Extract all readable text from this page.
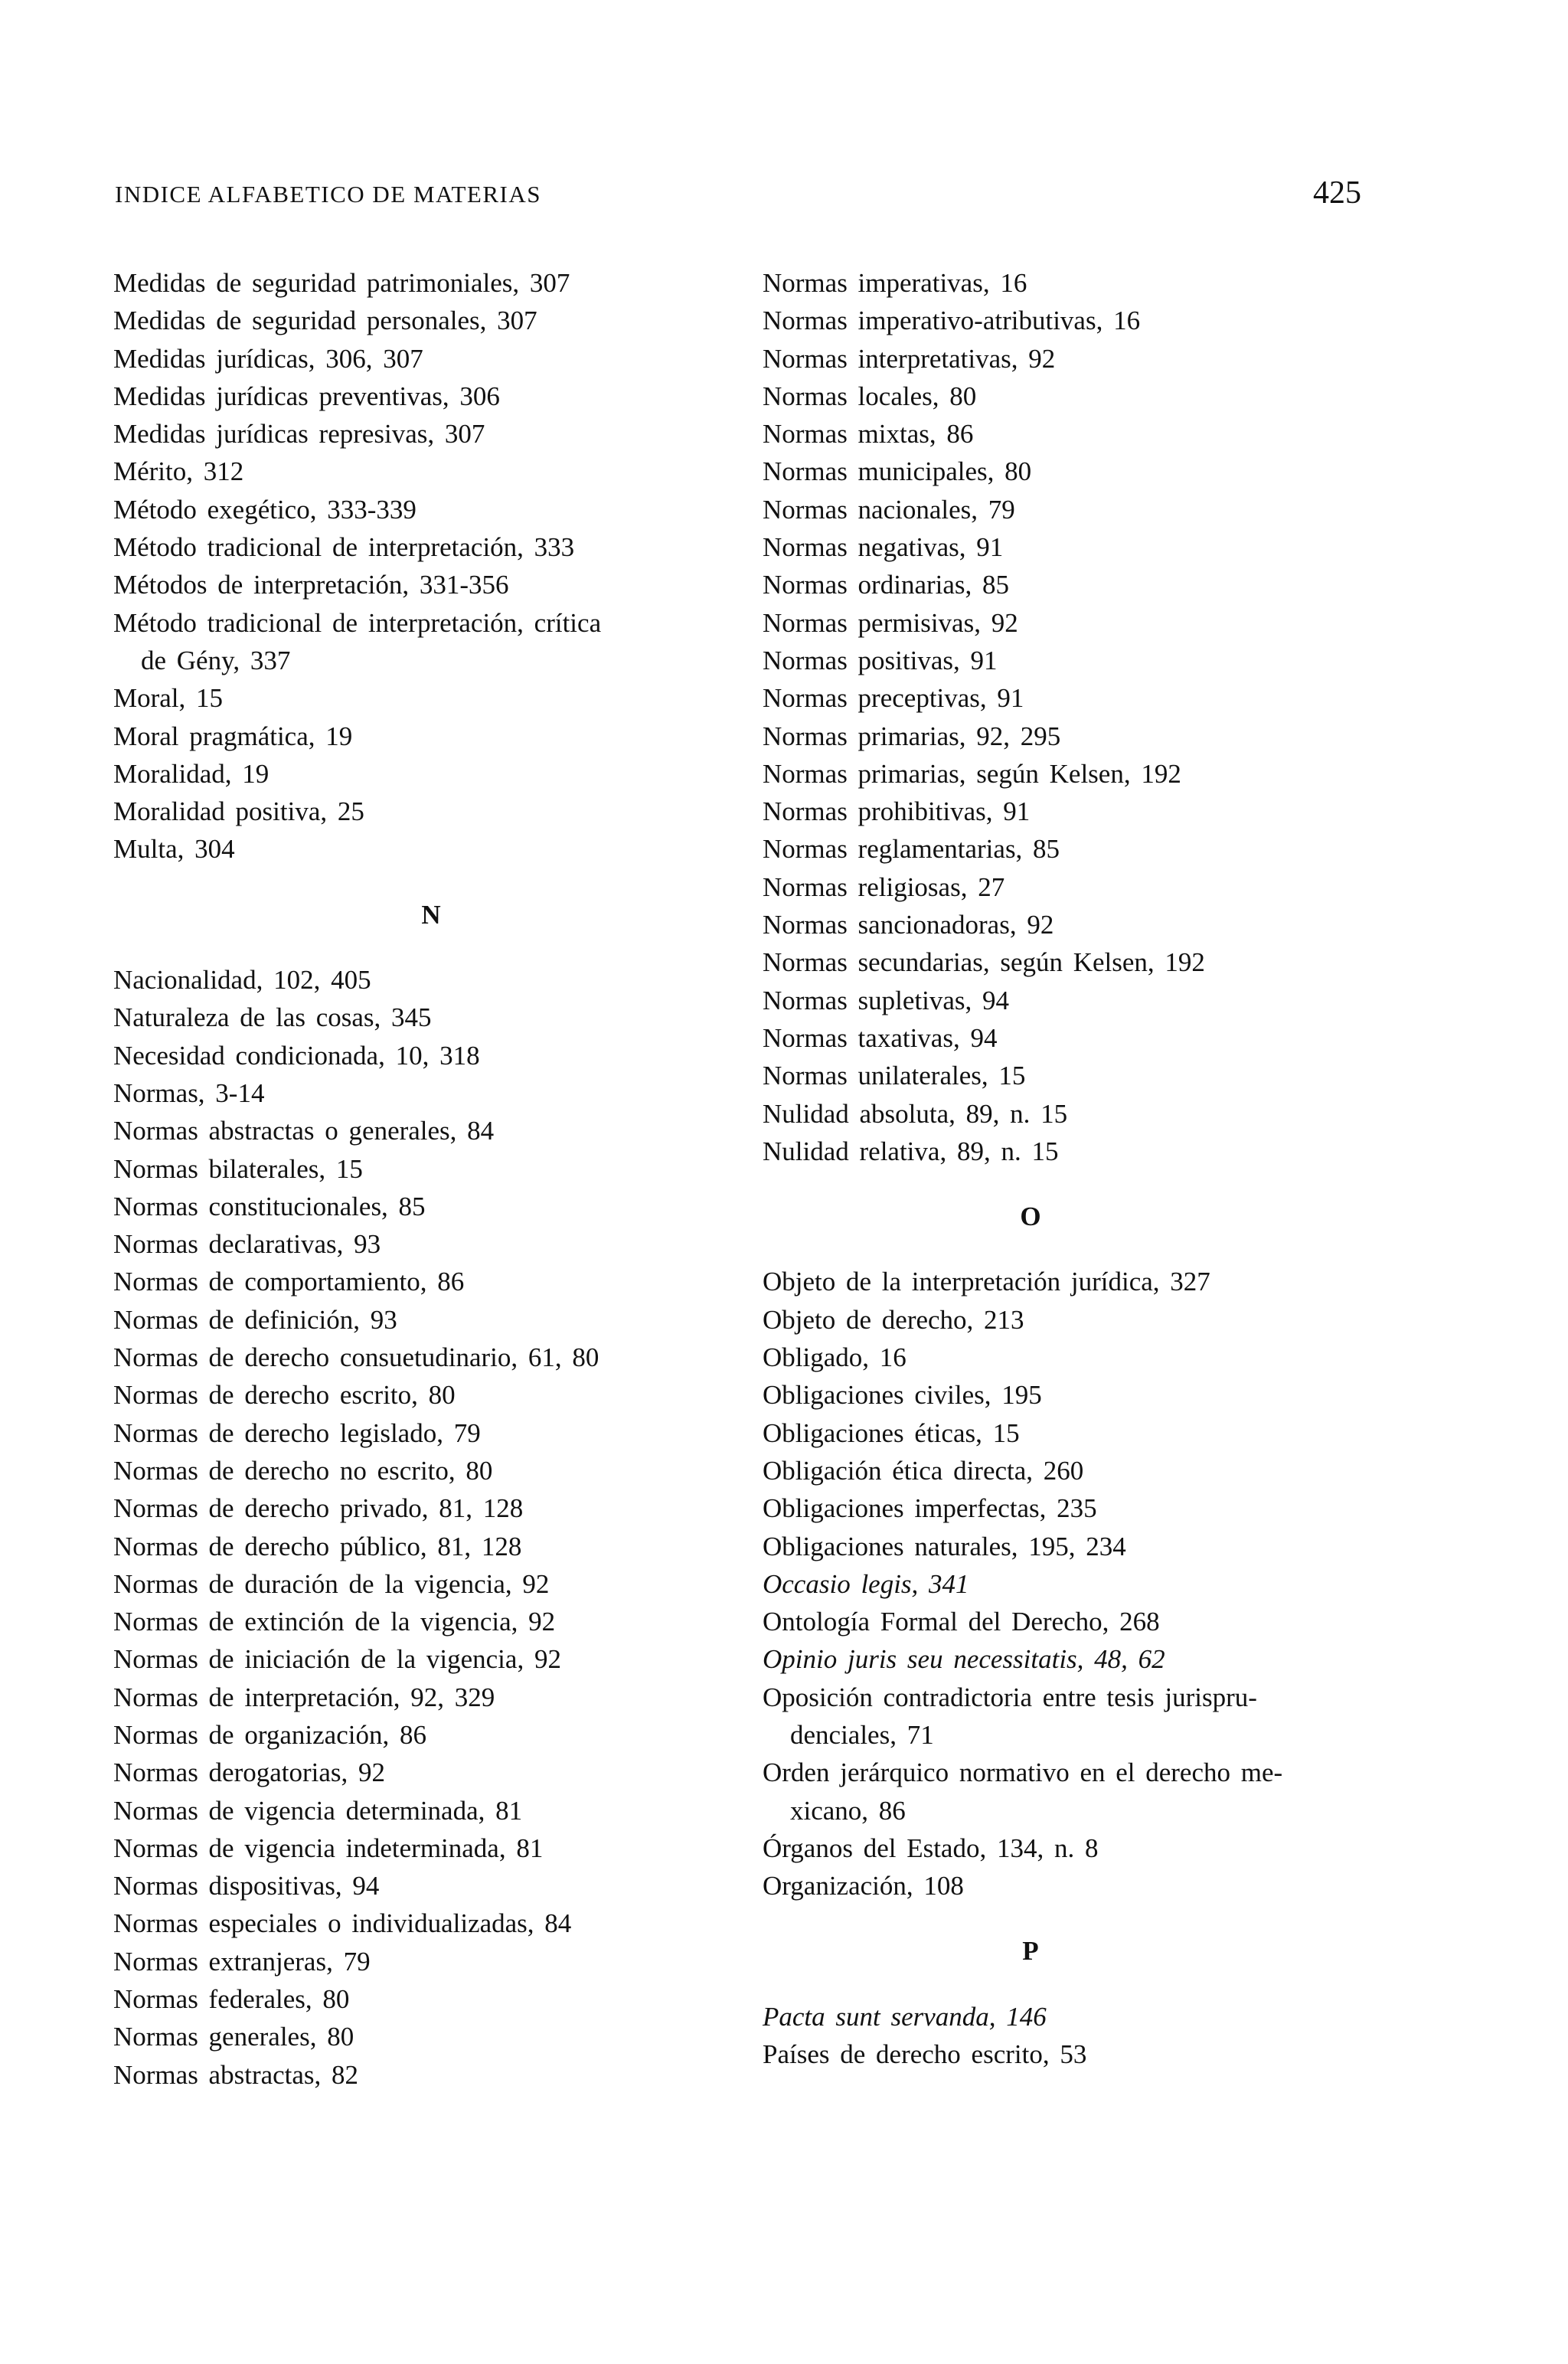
INDICE ALFABETICO DE MATERIAS	425
Medidas de seguridad patrimoniales, 307
Medidas de seguridad personales, 307
Medidas jurídicas, 306, 307
Medidas jurídicas preventivas, 306
Medidas jurídicas represivas, 307
Mérito, 312
Método exegético, 333-339
Método tradicional de interpretación, 333
Métodos de interpretación, 331-356
Método tradicional de interpretación, crítica
de Gény, 337
Moral, 15
Moral pragmática, 19
Moralidad, 19
Moralidad positiva, 25
Multa, 304
N
Nacionalidad, 102, 405
Naturaleza de las cosas, 345
Necesidad condicionada, 10, 318
Normas, 3-14
Normas abstractas o generales, 84
Normas bilaterales, 15
Normas constitucionales, 85
Normas declarativas, 93
Normas de comportamiento, 86
Normas de definición, 93
Normas de derecho consuetudinario, 61, 80
Normas de derecho escrito, 80
Normas de derecho legislado, 79
Normas de derecho no escrito, 80
Normas de derecho privado, 81, 128
Normas de derecho público, 81, 128
Normas de duración de la vigencia, 92
Normas de extinción de la vigencia, 92
Normas de iniciación de la vigencia, 92
Normas de interpretación, 92, 329
Normas de organización, 86
Normas derogatorias, 92
Normas de vigencia determinada, 81
Normas de vigencia indeterminada, 81
Normas dispositivas, 94
Normas especiales o individualizadas, 84
Normas extranjeras, 79
Normas federales, 80
Normas generales, 80
Normas abstractas, 82
Normas imperativas, 16
Normas imperativo-atributivas, 16
Normas interpretativas, 92
Normas locales, 80
Normas mixtas, 86
Normas municipales, 80
Normas nacionales, 79
Normas negativas, 91
Normas ordinarias, 85
Normas permisivas, 92
Normas positivas, 91
Normas preceptivas, 91
Normas primarias, 92, 295
Normas primarias, según Kelsen, 192
Normas prohibitivas, 91
Normas reglamentarias, 85
Normas religiosas, 27
Normas sancionadoras, 92
Normas secundarias, según Kelsen, 192
Normas supletivas, 94
Normas taxativas, 94
Normas unilaterales, 15
Nulidad absoluta, 89, n. 15
Nulidad relativa, 89, n. 15
O
Objeto de la interpretación jurídica, 327
Objeto de derecho, 213
Obligado, 16
Obligaciones civiles, 195
Obligaciones éticas, 15
Obligación ética directa, 260
Obligaciones imperfectas, 235
Obligaciones naturales, 195, 234
Occasio legis, 341
Ontología Formal del Derecho, 268
Opinio juris seu necessitatis, 48, 62
Oposición contradictoria entre tesis jurispru-
denciales, 71
Orden jerárquico normativo en el derecho me-
xicano, 86
Órganos del Estado, 134, n. 8
Organización, 108
P
Pacta sunt servanda, 146
Países de derecho escrito, 53
